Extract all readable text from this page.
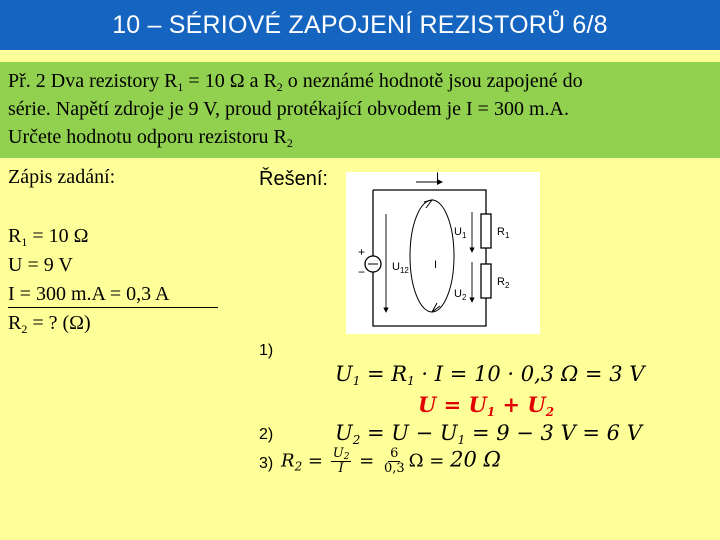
10 – SÉRIOVÉ ZAPOJENÍ REZISTORŮ 6/8

Př. 2 Dva rezistory $R_1 = 10$ Ω a $R_2$ o neznámé hodnotě jsou zapojené do

série. Napětí zdroje je 9 V, proud protékající obvodem je I = 300 m.A.

Určete hodnotu odporu rezistoru $R_2$

Zápis zadání:
$R_1 = 10$ Ω
U = 9 V
I = 300 m.A = 0,3 A
$R_2$ = ? (Ω)
Řešení:	I
+
−
$R_1$
$R_2$
$U_1$
$U_2$
$U_{12}$ I
1)
$U_1 = R_1 \cdot I = 10 \cdot 0,3$ Ω = 3 V
$U = U_1 + U_2$
2)	$U_2 = U - U_1 = 9 - 3$ V = 6 V
3) $R_2 = \frac{U_2}{I} = \frac{6}{0,3}$ Ω = 20 Ω
